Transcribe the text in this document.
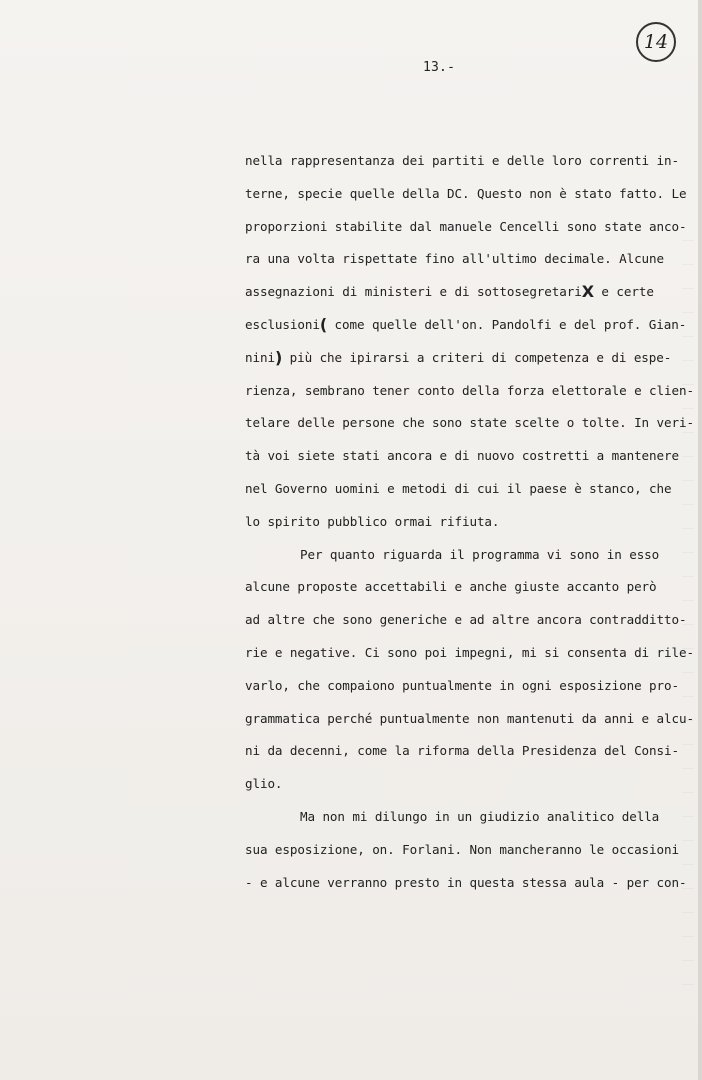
14
13.-
nella rappresentanza dei partiti e delle loro correnti in-
terne, specie quelle della DC. Questo non è stato fatto. Le
proporzioni stabilite dal manuele Cencelli sono state anco-
ra una volta rispettate fino all'ultimo decimale. Alcune
assegnazioni di ministeri e di sottosegretariX e certe
esclusioni( come quelle dell'on. Pandolfi e del prof. Gian-
nini) più che ipirarsi a criteri di competenza e di espe-
rienza, sembrano tener conto della forza elettorale e clien-
telare delle persone che sono state scelte o tolte. In veri-
tà voi siete stati ancora e di nuovo costretti a mantenere
nel Governo uomini e metodi di cui il paese è stanco, che
lo spirito pubblico ormai rifiuta.
Per quanto riguarda il programma vi sono in esso
alcune proposte accettabili e anche giuste accanto però
ad altre che sono generiche e ad altre ancora contradditto-
rie e negative. Ci sono poi impegni, mi si consenta di rile-
varlo, che compaiono puntualmente in ogni esposizione pro-
grammatica perché puntualmente non mantenuti da anni e alcu-
ni da decenni, come la riforma della Presidenza del Consi-
glio.
Ma non mi dilungo in un giudizio analitico della
sua esposizione, on. Forlani. Non mancheranno le occasioni
- e alcune verranno presto in questa stessa aula - per con-
